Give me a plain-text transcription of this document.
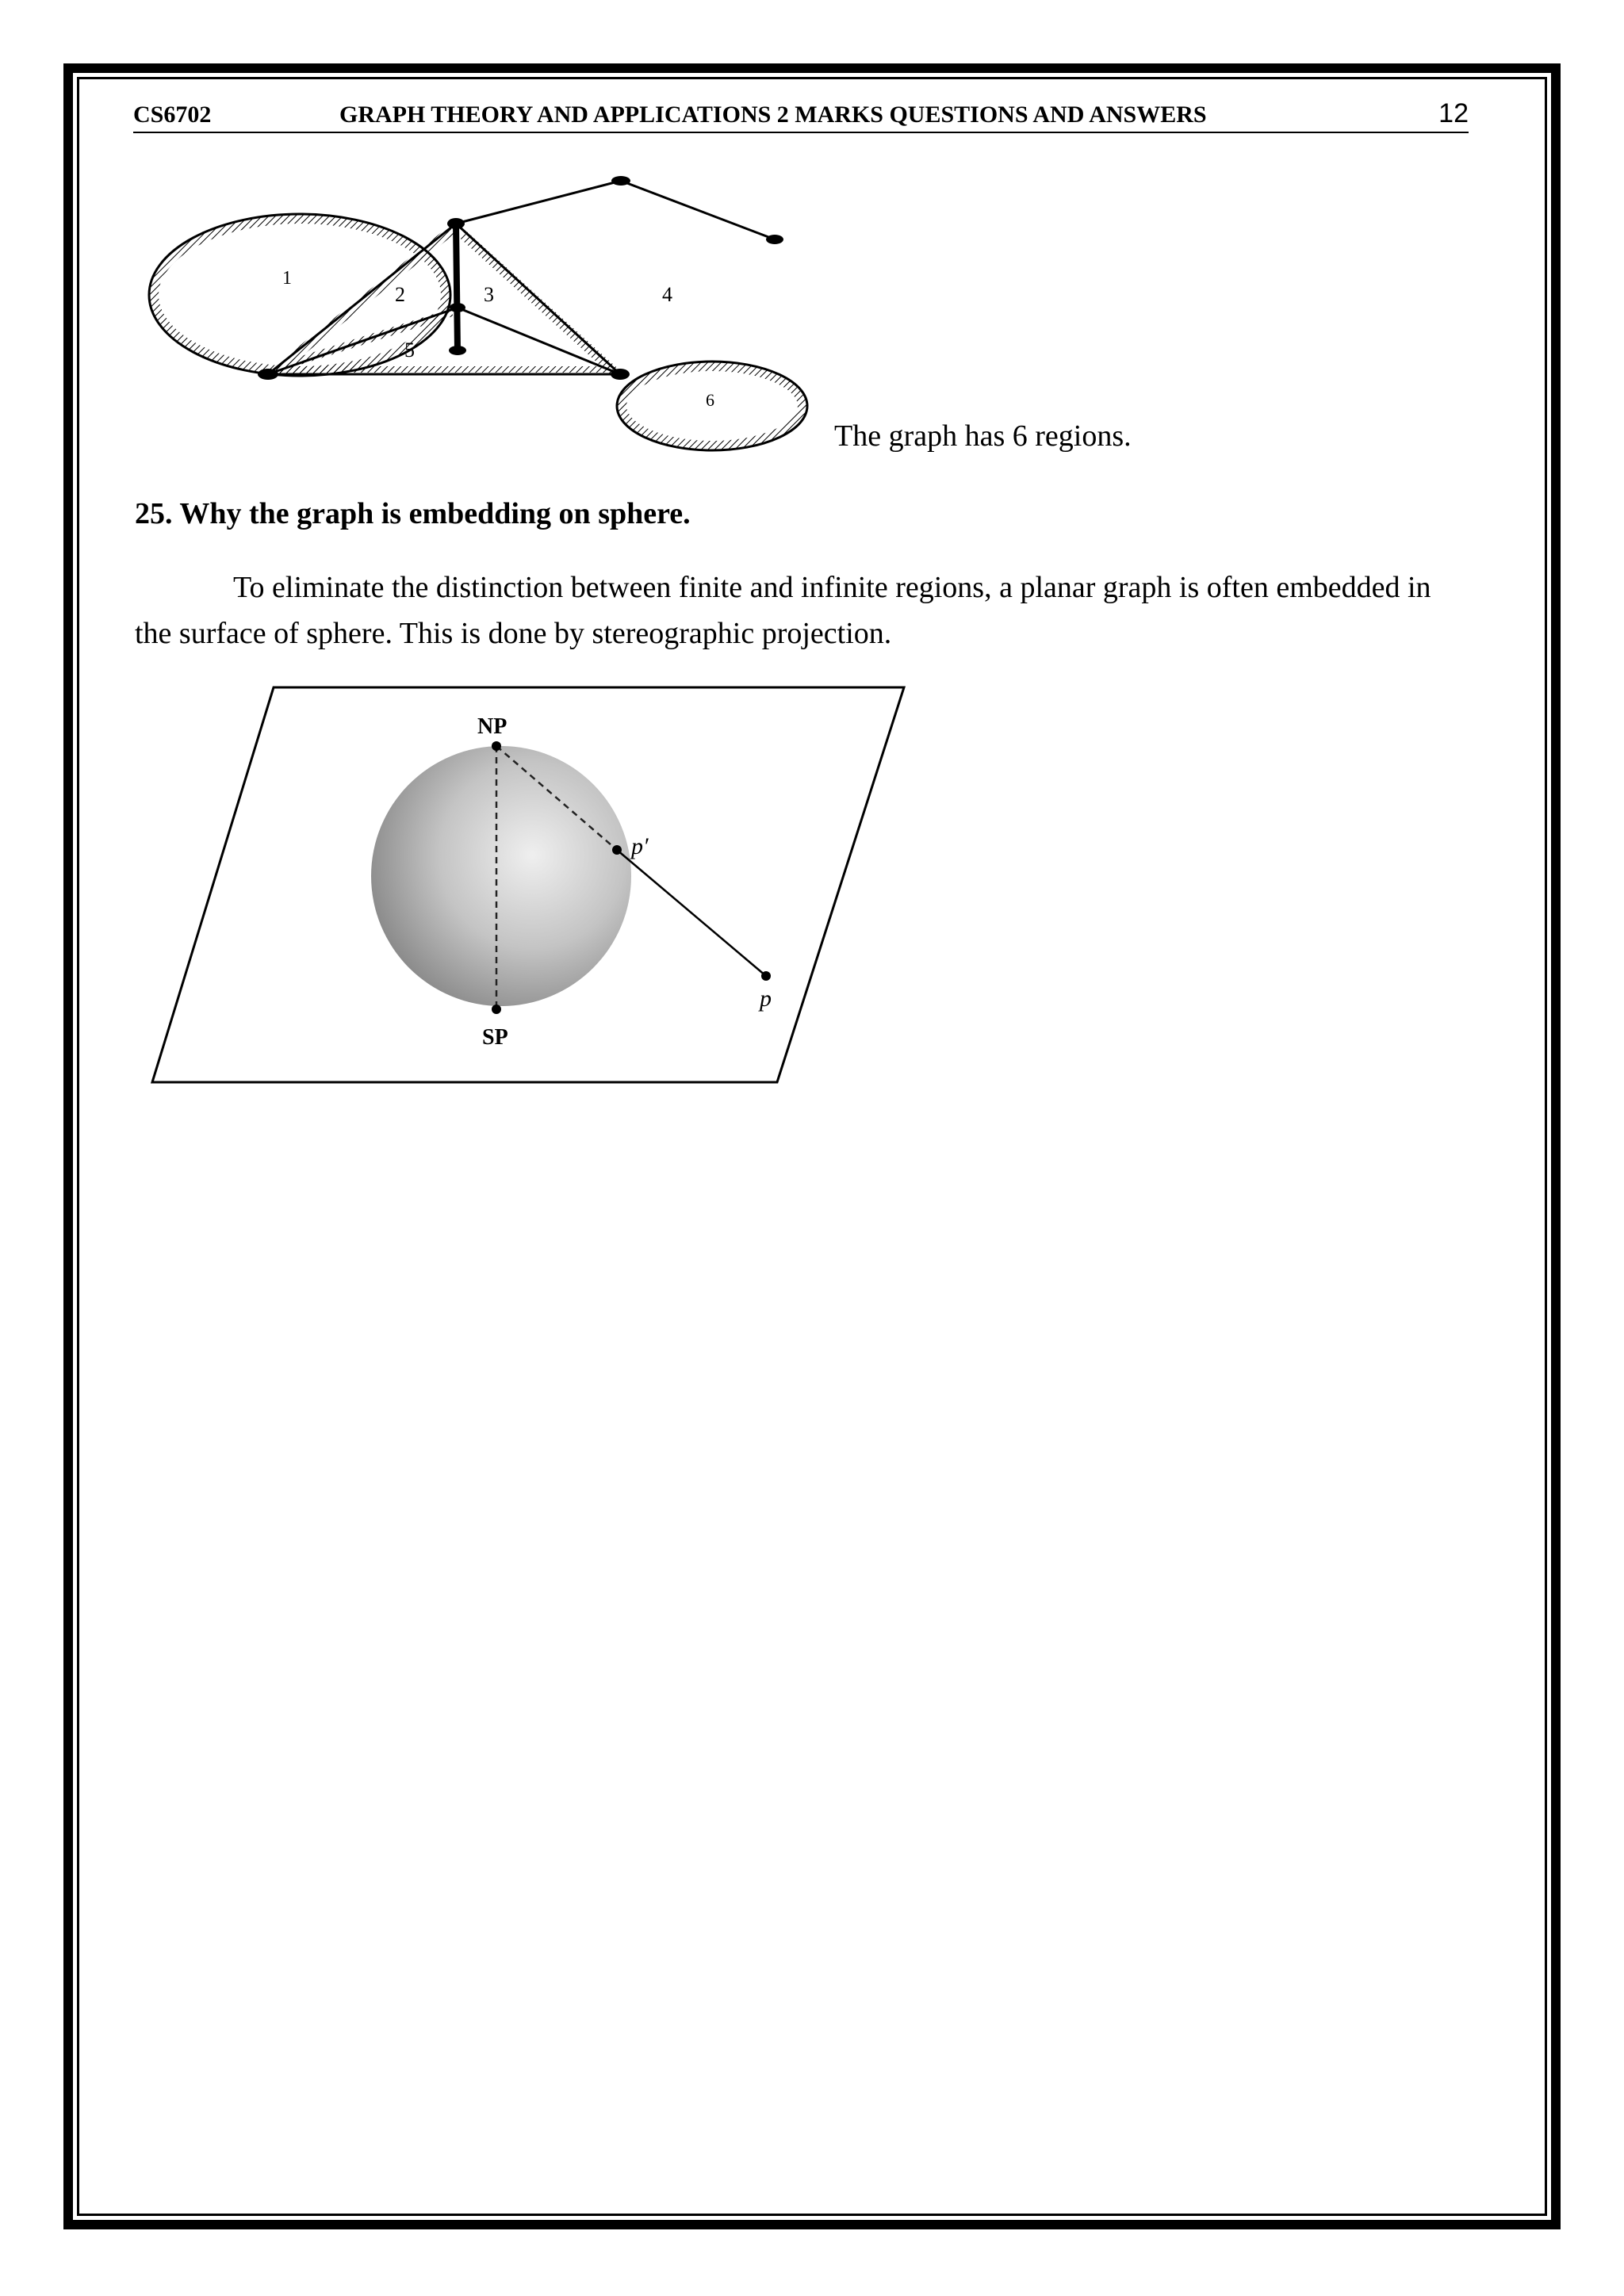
CS6702	GRAPH THEORY AND APPLICATIONS 2 MARKS QUESTIONS AND ANSWERS	12
1
2	3	4
5
6
The graph has 6 regions.
25. Why the graph is embedding on sphere.
To eliminate the distinction between finite and infinite regions, a planar graph is often embedded in the surface of sphere. This is done by stereographic projection.
NP
SP
p′
p
